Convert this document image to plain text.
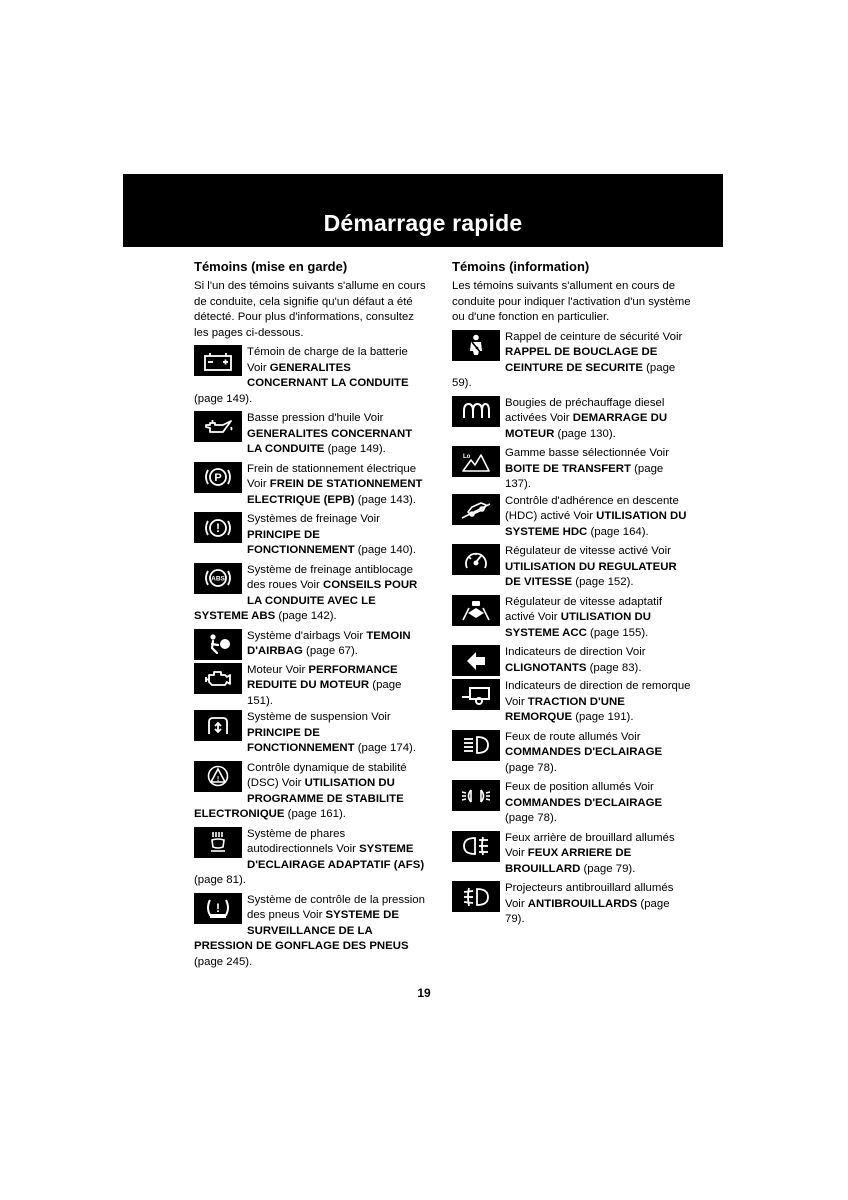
Démarrage rapide
Témoins (mise en garde)

Si l'un des témoins suivants s'allume en cours de conduite, cela signifie qu'un défaut a été détecté. Pour plus d'informations, consultez les pages ci-dessous.

Témoin de charge de la batterie Voir GENERALITES CONCERNANT LA CONDUITE (page 149).
Basse pression d'huile Voir GENERALITES CONCERNANT LA CONDUITE (page 149).
P
Frein de stationnement électrique Voir FREIN DE STATIONNEMENT ELECTRIQUE (EPB) (page 143).
!
Systèmes de freinage Voir PRINCIPE DE FONCTIONNEMENT (page 140).
ABS
Système de freinage antiblocage des roues Voir CONSEILS POUR LA CONDUITE AVEC LE SYSTEME ABS (page 142).
Système d'airbags Voir TEMOIN D'AIRBAG (page 67).
Moteur Voir PERFORMANCE REDUITE DU MOTEUR (page 151).
Système de suspension Voir PRINCIPE DE FONCTIONNEMENT (page 174).
!
Contrôle dynamique de stabilité (DSC) Voir UTILISATION DU PROGRAMME DE STABILITE ELECTRONIQUE (page 161).
Système de phares autodirectionnels Voir SYSTEME D'ECLAIRAGE ADAPTATIF (AFS) (page 81).
!
Système de contrôle de la pression des pneus Voir SYSTEME DE SURVEILLANCE DE LA PRESSION DE GONFLAGE DES PNEUS (page 245).
Témoins (information)

Les témoins suivants s'allument en cours de conduite pour indiquer l'activation d'un système ou d'une fonction en particulier.

Rappel de ceinture de sécurité Voir RAPPEL DE BOUCLAGE DE CEINTURE DE SECURITE (page 59).
Bougies de préchauffage diesel activées Voir DEMARRAGE DU MOTEUR (page 130).
Lo	Gamme basse sélectionnée Voir BOITE DE TRANSFERT (page 137).
Contrôle d'adhérence en descente (HDC) activé Voir UTILISATION DU SYSTEME HDC (page 164).
Régulateur de vitesse activé Voir UTILISATION DU REGULATEUR DE VITESSE (page 152).
Régulateur de vitesse adaptatif activé Voir UTILISATION DU SYSTEME ACC (page 155).
Indicateurs de direction Voir CLIGNOTANTS (page 83).
Indicateurs de direction de remorque Voir TRACTION D'UNE REMORQUE (page 191).
Feux de route allumés Voir COMMANDES D'ECLAIRAGE (page 78).
Feux de position allumés Voir COMMANDES D'ECLAIRAGE (page 78).
Feux arrière de brouillard allumés Voir FEUX ARRIERE DE BROUILLARD (page 79).
Projecteurs antibrouillard allumés Voir ANTIBROUILLARDS (page 79).
19
